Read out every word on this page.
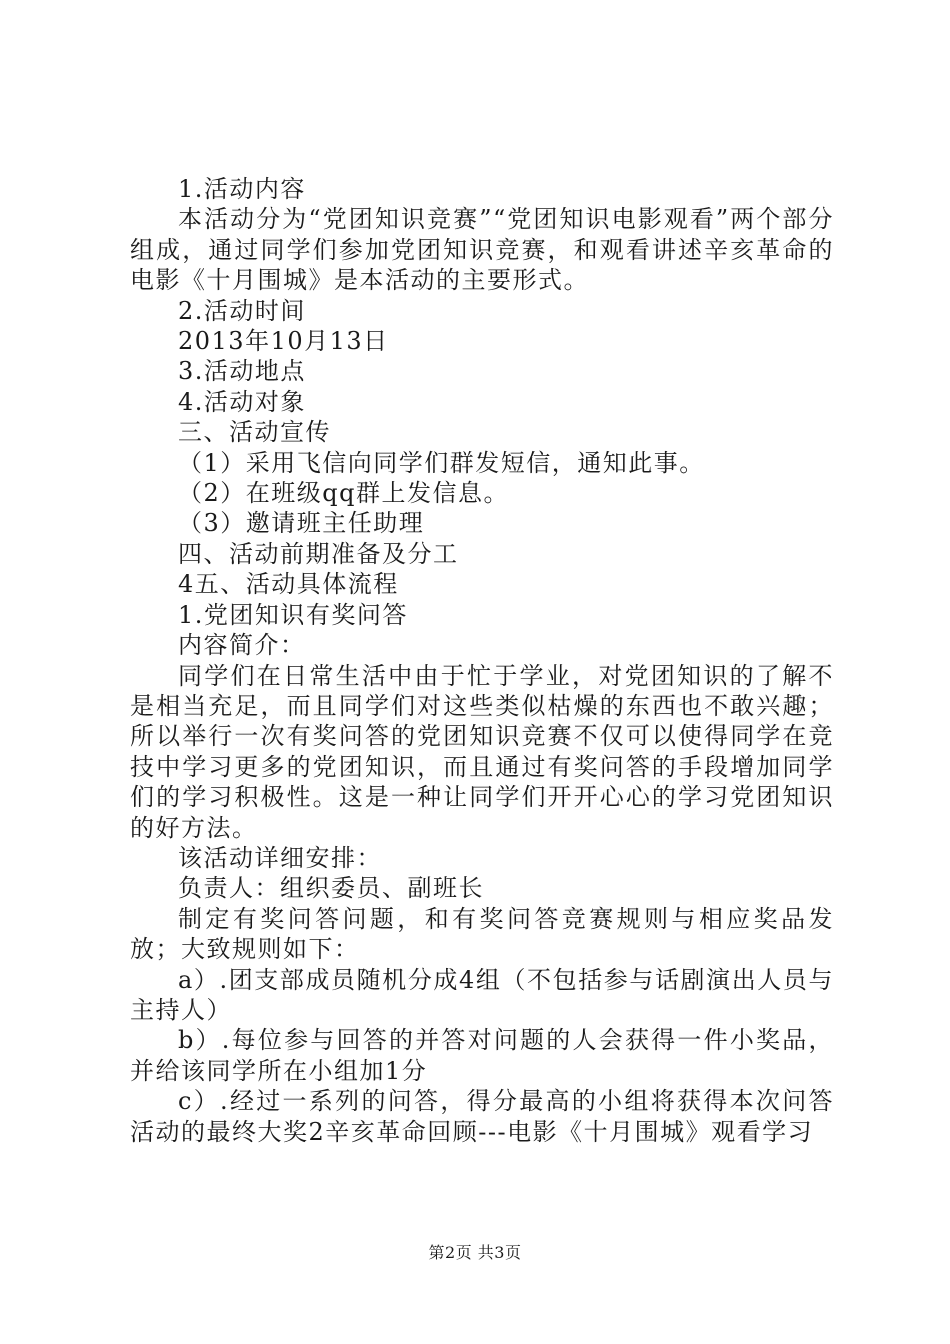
1.活动内容

本活动分为“党团知识竞赛”“党团知识电影观看”两个部分组成，通过同学们参加党团知识竞赛，和观看讲述辛亥革命的电影《十月围城》是本活动的主要形式。

2.活动时间

2013年10月13日

3.活动地点

4.活动对象

三、活动宣传

（1）采用飞信向同学们群发短信，通知此事。

（2）在班级qq群上发信息。

（3）邀请班主任助理

四、活动前期准备及分工

4五、活动具体流程

1.党团知识有奖问答

内容简介：

同学们在日常生活中由于忙于学业，对党团知识的了解不是相当充足，而且同学们对这些类似枯燥的东西也不敢兴趣；所以举行一次有奖问答的党团知识竞赛不仅可以使得同学在竞技中学习更多的党团知识，而且通过有奖问答的手段增加同学们的学习积极性。这是一种让同学们开开心心的学习党团知识的好方法。

该活动详细安排：

负责人：组织委员、副班长

制定有奖问答问题，和有奖问答竞赛规则与相应奖品发放；大致规则如下：

a）.团支部成员随机分成4组（不包括参与话剧演出人员与主持人）

b）.每位参与回答的并答对问题的人会获得一件小奖品，并给该同学所在小组加1分

c）.经过一系列的问答，得分最高的小组将获得本次问答活动的最终大奖2辛亥革命回顾---电影《十月围城》观看学习

第2页 共3页
